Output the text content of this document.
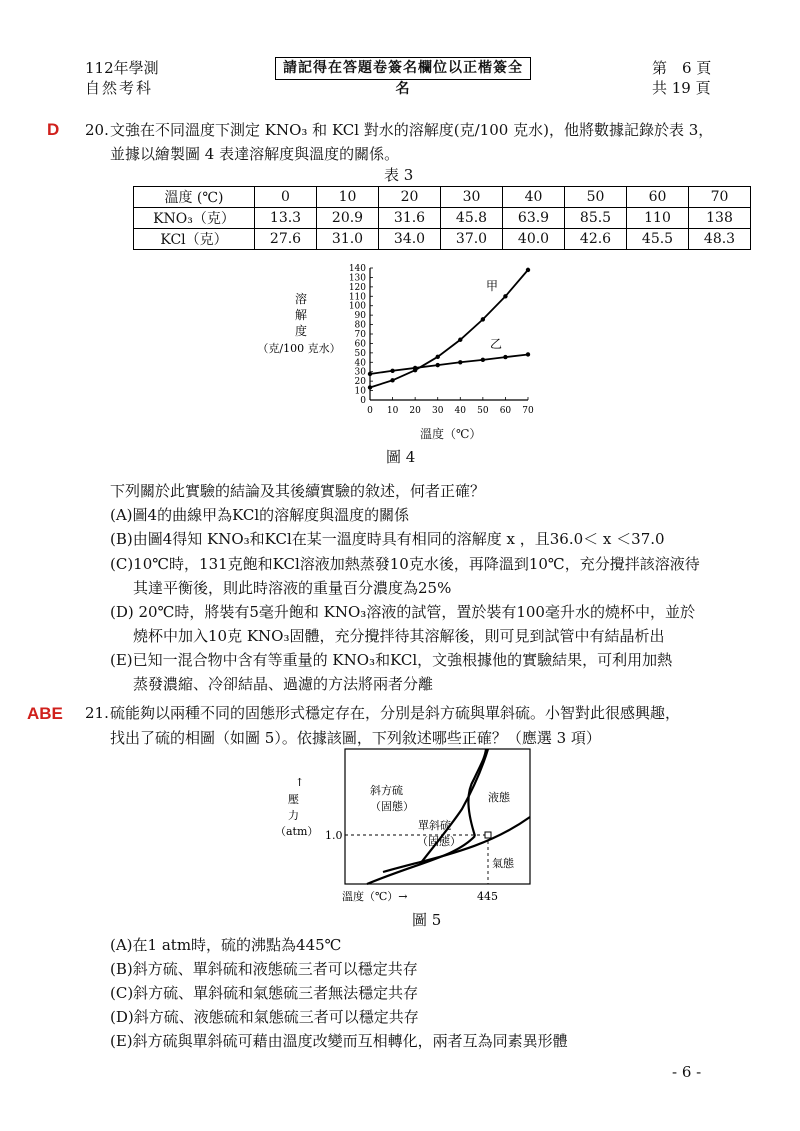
112年學測
自然考科
請記得在答題卷簽名欄位以正楷簽全名
第　6 頁
共 19 頁
D 20. 文強在不同溫度下測定 KNO₃ 和 KCl 對水的溶解度(克/100 克水)，他將數據記錄於表 3，
並據以繪製圖 4 表達溶解度與溫度的關係。
表 3
溫度 (℃)	0	10	20	30	40	50	60	70
KNO₃（克）	13.3	20.9	31.6	45.8	63.9	85.5	110	138
KCl（克）	27.6	31.0	34.0	37.0	40.0	42.6	45.5	48.3
0
10
20
30
40
50
60
70
80
90
100
110
120
130
140
0 10 20 30 40 50 60 70
甲
乙
溶
解
度
（克/100 克水）
溫度（℃）
圖 4
下列關於此實驗的結論及其後續實驗的敘述，何者正確？
(A)圖4的曲線甲為KCl的溶解度與溫度的關係
(B)由圖4得知 KNO₃和KCl在某一溫度時具有相同的溶解度 x ，且36.0＜ x ＜37.0
(C)10℃時，131克飽和KCl溶液加熱蒸發10克水後，再降溫到10℃，充分攪拌該溶液待
其達平衡後，則此時溶液的重量百分濃度為25%
(D) 20℃時，將裝有5毫升飽和 KNO₃溶液的試管，置於裝有100毫升水的燒杯中，並於
燒杯中加入10克 KNO₃固體，充分攪拌待其溶解後，則可見到試管中有結晶析出
(E)已知一混合物中含有等重量的 KNO₃和KCl，文強根據他的實驗結果，可利用加熱
蒸發濃縮、冷卻結晶、過濾的方法將兩者分離
ABE 21. 硫能夠以兩種不同的固態形式穩定存在，分別是斜方硫與單斜硫。小智對此很感興趣，
找出了硫的相圖（如圖 5）。依據該圖，下列敘述哪些正確？（應選 3 項）
↑
壓
力
（atm） 1.0
斜方硫
（固態）
單斜硫
（固態）
液態
氣態
溫度（℃）→	445
圖 5
(A)在1 atm時，硫的沸點為445℃
(B)斜方硫、單斜硫和液態硫三者可以穩定共存
(C)斜方硫、單斜硫和氣態硫三者無法穩定共存
(D)斜方硫、液態硫和氣態硫三者可以穩定共存
(E)斜方硫與單斜硫可藉由溫度改變而互相轉化，兩者互為同素異形體
- 6 -
